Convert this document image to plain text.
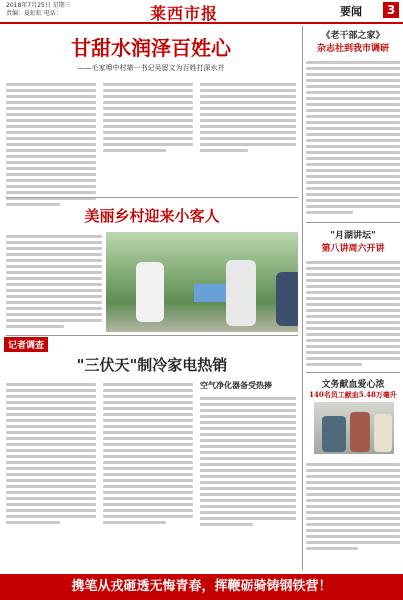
2018年7月25日 星期三
责编：夏虹虹 电话：	莱西市报	要闻	3
甘甜水润泽百姓心
——毛家埠中村第一书记吴留文为百姓打深水井
美丽乡村迎来小客人
记者调查
"三伏天"制冷家电热销
空气净化器备受热捧
《老干部之家》
杂志社到我市调研
"月湖讲坛"
第八讲周六开讲
文务献血爱心浓
140名员工献血5.48万毫升
携笔从戎砸透无悔青春，挥鞭砺骑铸钢铁营！
